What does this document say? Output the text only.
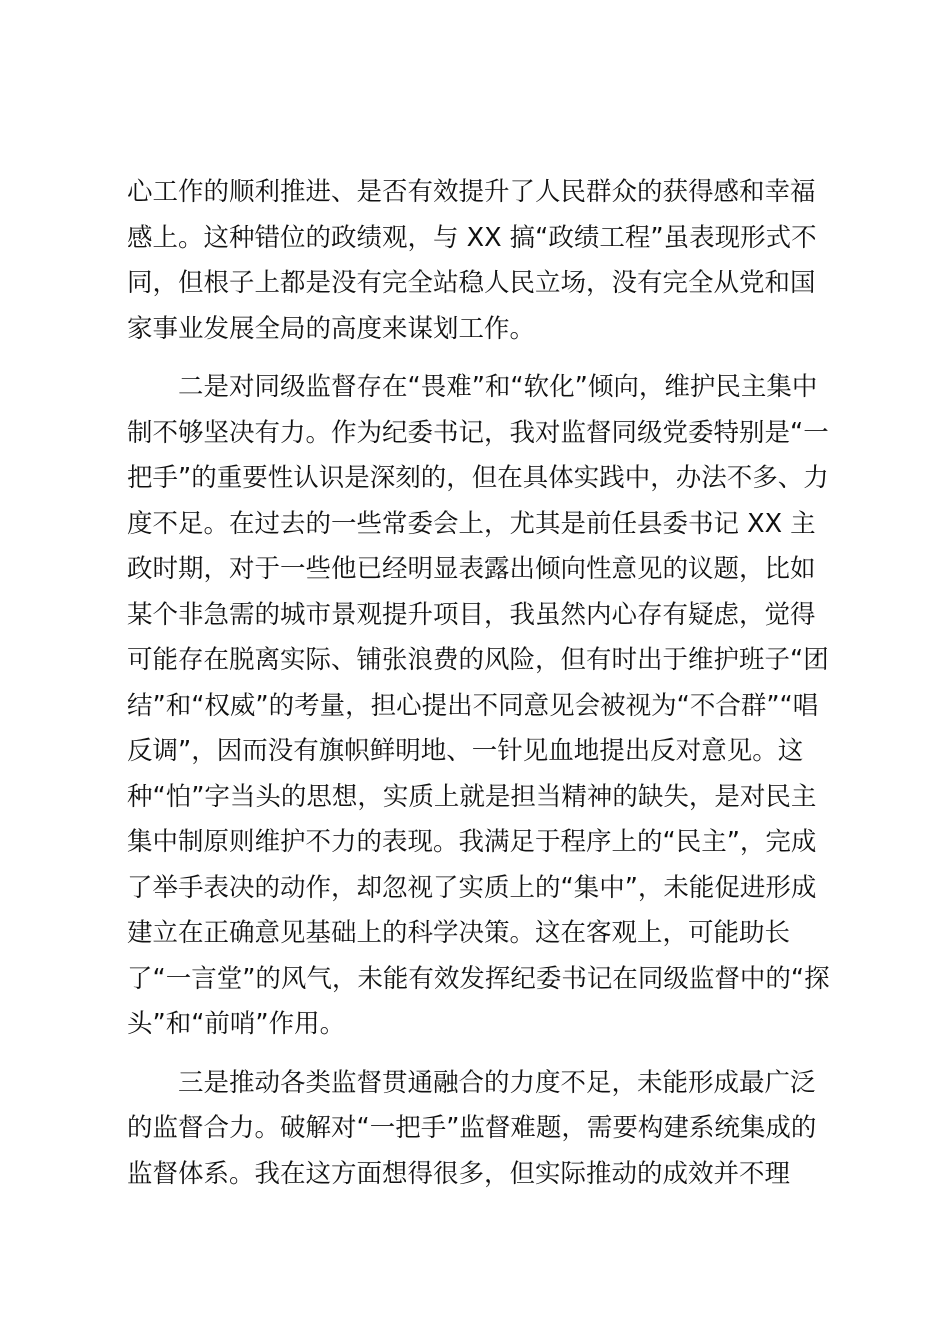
心工作的顺利推进、是否有效提升了人民群众的获得感和幸福
感上。这种错位的政绩观，与 XX 搞“政绩工程”虽表现形式不
同，但根子上都是没有完全站稳人民立场，没有完全从党和国
家事业发展全局的高度来谋划工作。
　　二是对同级监督存在“畏难”和“软化”倾向，维护民主集中
制不够坚决有力。作为纪委书记，我对监督同级党委特别是“一
把手”的重要性认识是深刻的，但在具体实践中，办法不多、力
度不足。在过去的一些常委会上，尤其是前任县委书记 XX 主
政时期，对于一些他已经明显表露出倾向性意见的议题，比如
某个非急需的城市景观提升项目，我虽然内心存有疑虑，觉得
可能存在脱离实际、铺张浪费的风险，但有时出于维护班子“团
结”和“权威”的考量，担心提出不同意见会被视为“不合群”“唱
反调”，因而没有旗帜鲜明地、一针见血地提出反对意见。这
种“怕”字当头的思想，实质上就是担当精神的缺失，是对民主
集中制原则维护不力的表现。我满足于程序上的“民主”，完成
了举手表决的动作，却忽视了实质上的“集中”，未能促进形成
建立在正确意见基础上的科学决策。这在客观上，可能助长
了“一言堂”的风气，未能有效发挥纪委书记在同级监督中的“探
头”和“前哨”作用。
　　三是推动各类监督贯通融合的力度不足，未能形成最广泛
的监督合力。破解对“一把手”监督难题，需要构建系统集成的
监督体系。我在这方面想得很多，但实际推动的成效并不理
